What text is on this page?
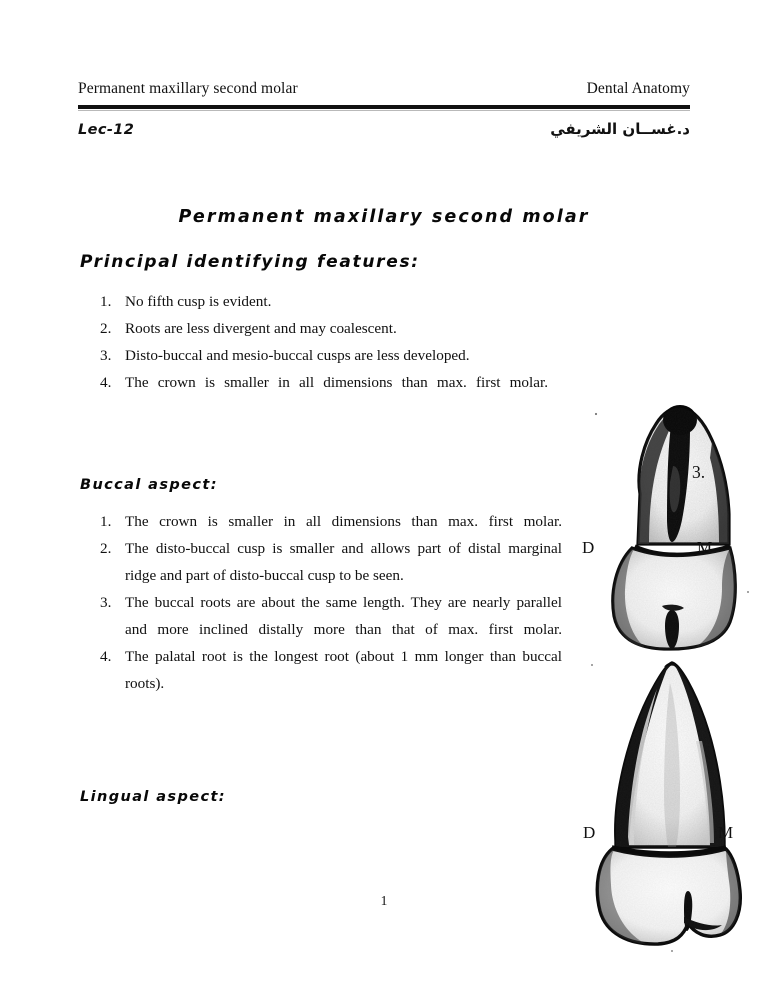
Permanent maxillary second molar	Dental Anatomy
Lec-12	د.غســان الشريفي
Permanent maxillary second molar
Principal identifying features:
1. No fifth cusp is evident.
2. Roots are less divergent and may coalescent.
3. Disto-buccal and mesio-buccal cusps are less developed.
4. The crown is smaller in all dimensions than max. first molar.
Buccal aspect:
1. The crown is smaller in all dimensions than max. first molar.
2. The disto-buccal cusp is smaller and allows part of distal marginal ridge and part of disto-buccal cusp to be seen.
3. The buccal roots are about the same length. They are nearly parallel and more inclined distally more than that of max. first molar.
4. The palatal root is the longest root (about 1 mm longer than buccal roots).
Lingual aspect:
1
D	M
3.
D	M
